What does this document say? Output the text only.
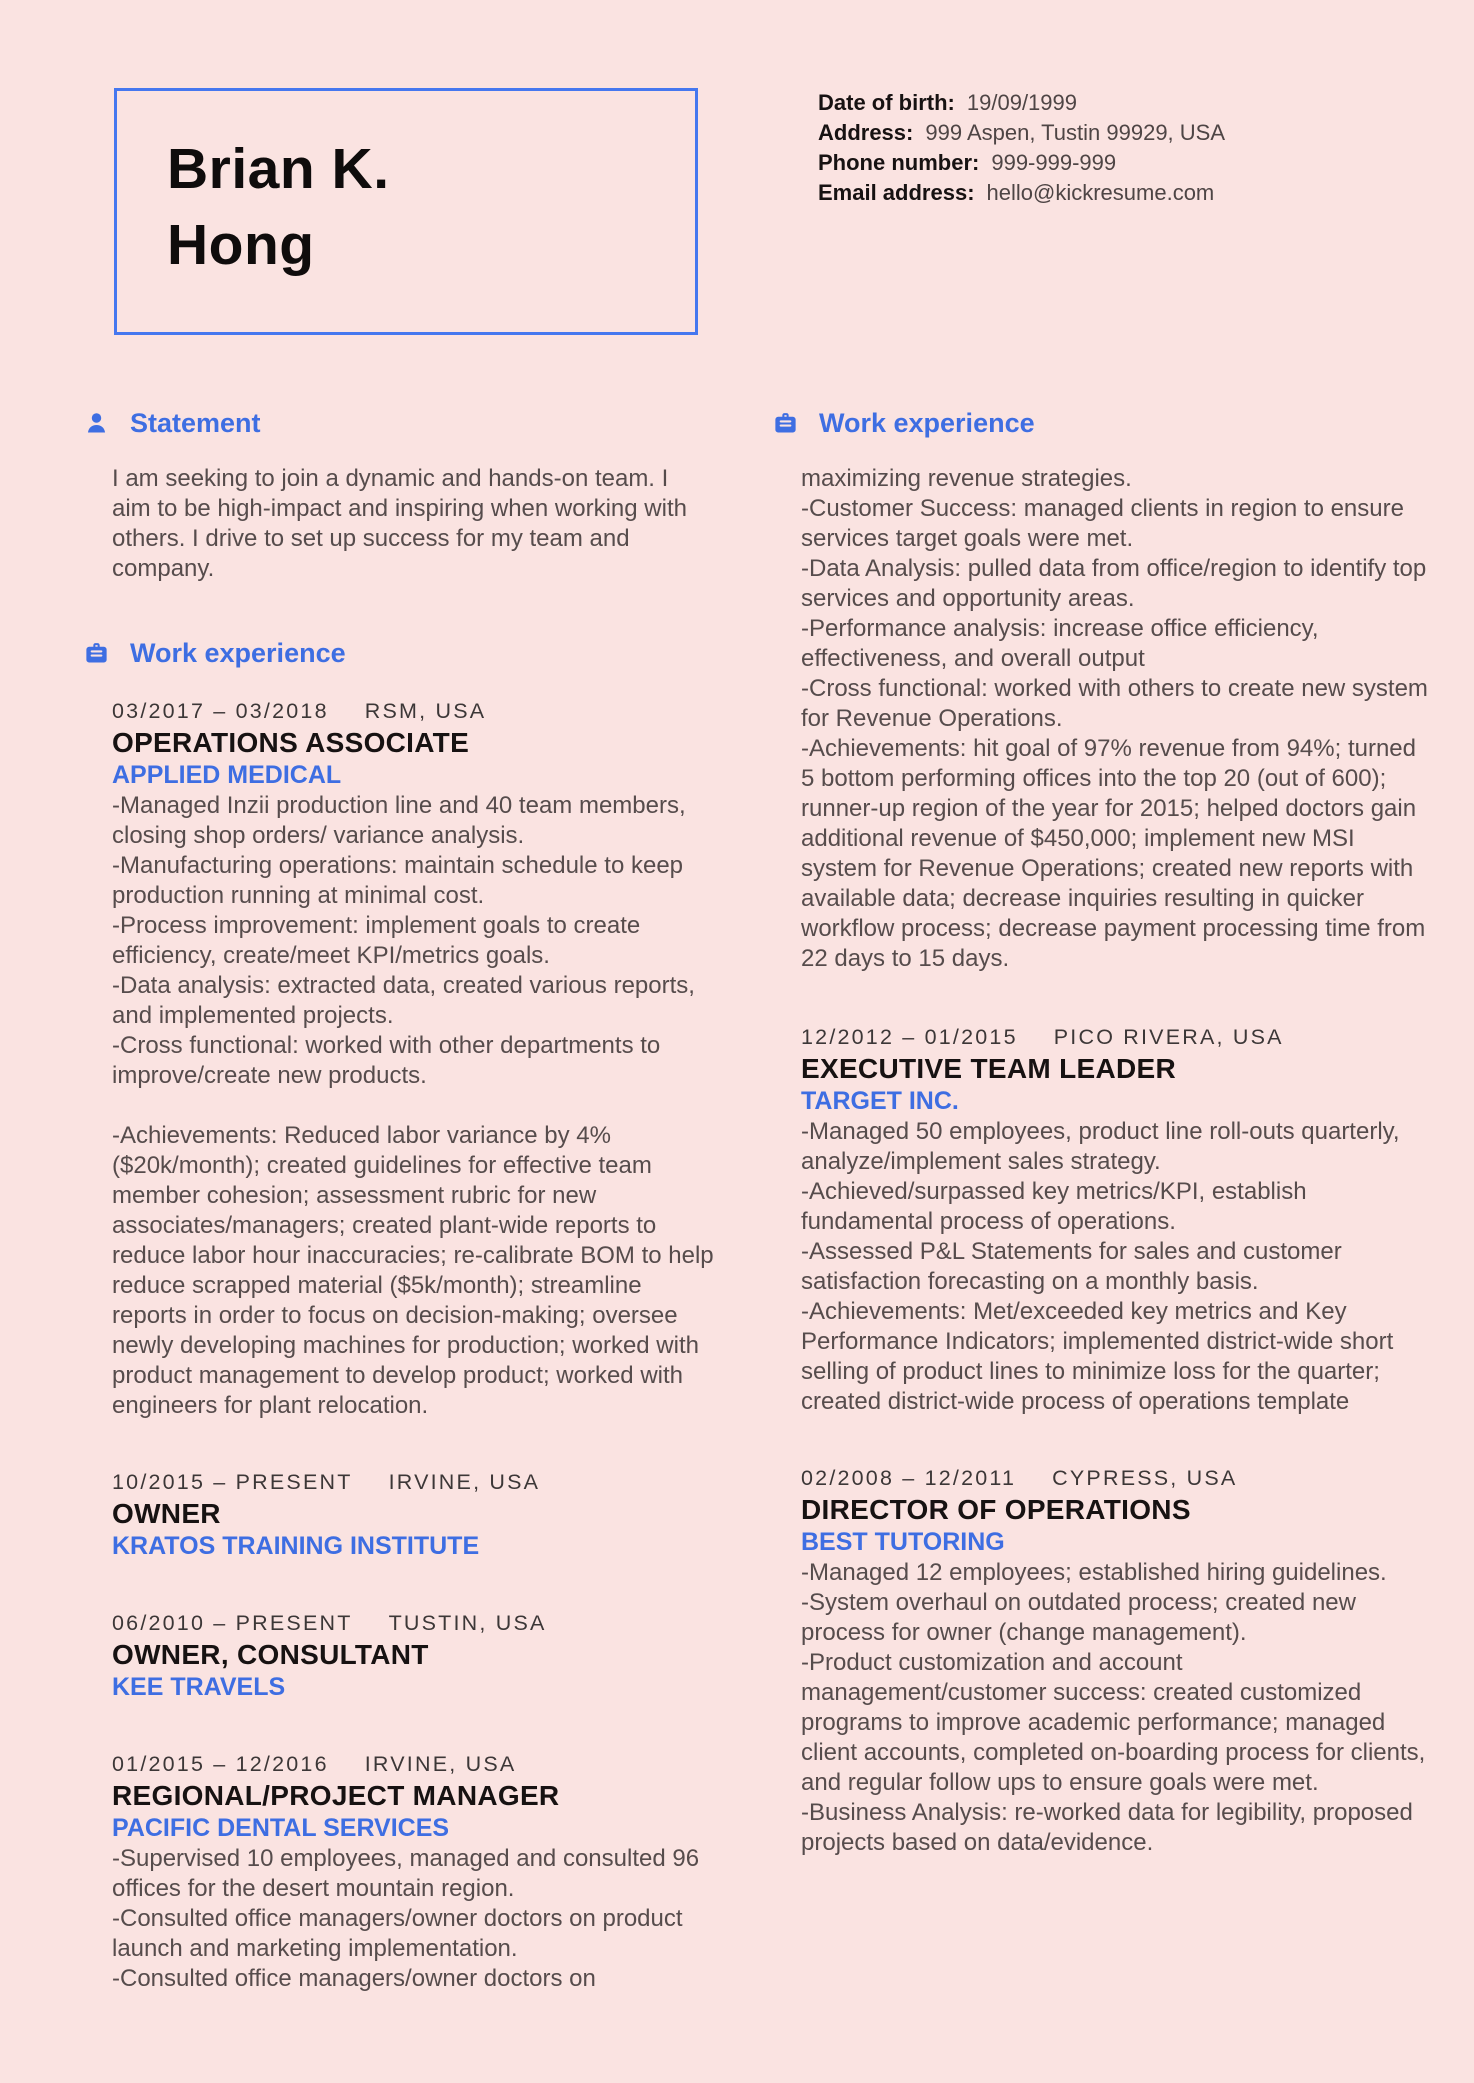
Brian K.
Hong
Date of birth: 19/09/1999
Address: 999 Aspen, Tustin 99929, USA
Phone number: 999-999-999
Email address: hello@kickresume.com
Statement

I am seeking to join a dynamic and hands-on team. I aim to be high-impact and inspiring when working with others. I drive to set up success for my team and company.

Work experience
03/2017 – 03/2018 RSM, USA
OPERATIONS ASSOCIATE
APPLIED MEDICAL

-Managed Inzii production line and 40 team members, closing shop orders/ variance analysis.

-Manufacturing operations: maintain schedule to keep production running at minimal cost.

-Process improvement: implement goals to create efficiency, create/meet KPI/metrics goals.

-Data analysis: extracted data, created various reports, and implemented projects.

-Cross functional: worked with other departments to improve/create new products.

-Achievements: Reduced labor variance by 4% ($20k/month); created guidelines for effective team member cohesion; assessment rubric for new associates/managers; created plant-wide reports to reduce labor hour inaccuracies; re-calibrate BOM to help reduce scrapped material ($5k/month); streamline reports in order to focus on decision-making; oversee newly developing machines for production; worked with product management to develop product; worked with engineers for plant relocation.

10/2015 – PRESENT IRVINE, USA
OWNER
KRATOS TRAINING INSTITUTE
06/2010 – PRESENT TUSTIN, USA
OWNER, CONSULTANT
KEE TRAVELS
01/2015 – 12/2016 IRVINE, USA
REGIONAL/PROJECT MANAGER
PACIFIC DENTAL SERVICES

-Supervised 10 employees, managed and consulted 96 offices for the desert mountain region.

-Consulted office managers/owner doctors on product launch and marketing implementation.

-Consulted office managers/owner doctors on

Work experience

maximizing revenue strategies.

-Customer Success: managed clients in region to ensure services target goals were met.

-Data Analysis: pulled data from office/region to identify top services and opportunity areas.

-Performance analysis: increase office efficiency, effectiveness, and overall output

-Cross functional: worked with others to create new system for Revenue Operations.

-Achievements: hit goal of 97% revenue from 94%; turned 5 bottom performing offices into the top 20 (out of 600); runner-up region of the year for 2015; helped doctors gain additional revenue of $450,000; implement new MSI system for Revenue Operations; created new reports with available data; decrease inquiries resulting in quicker workflow process; decrease payment processing time from 22 days to 15 days.

12/2012 – 01/2015 PICO RIVERA, USA
EXECUTIVE TEAM LEADER
TARGET INC.

-Managed 50 employees, product line roll-outs quarterly, analyze/implement sales strategy.

-Achieved/surpassed key metrics/KPI, establish fundamental process of operations.

-Assessed P&L Statements for sales and customer satisfaction forecasting on a monthly basis.

-Achievements: Met/exceeded key metrics and Key Performance Indicators; implemented district-wide short selling of product lines to minimize loss for the quarter; created district-wide process of operations template

02/2008 – 12/2011 CYPRESS, USA
DIRECTOR OF OPERATIONS
BEST TUTORING

-Managed 12 employees; established hiring guidelines.

-System overhaul on outdated process; created new process for owner (change management).

-Product customization and account management/customer success: created customized programs to improve academic performance; managed client accounts, completed on-boarding process for clients, and regular follow ups to ensure goals were met.

-Business Analysis: re-worked data for legibility, proposed projects based on data/evidence.
